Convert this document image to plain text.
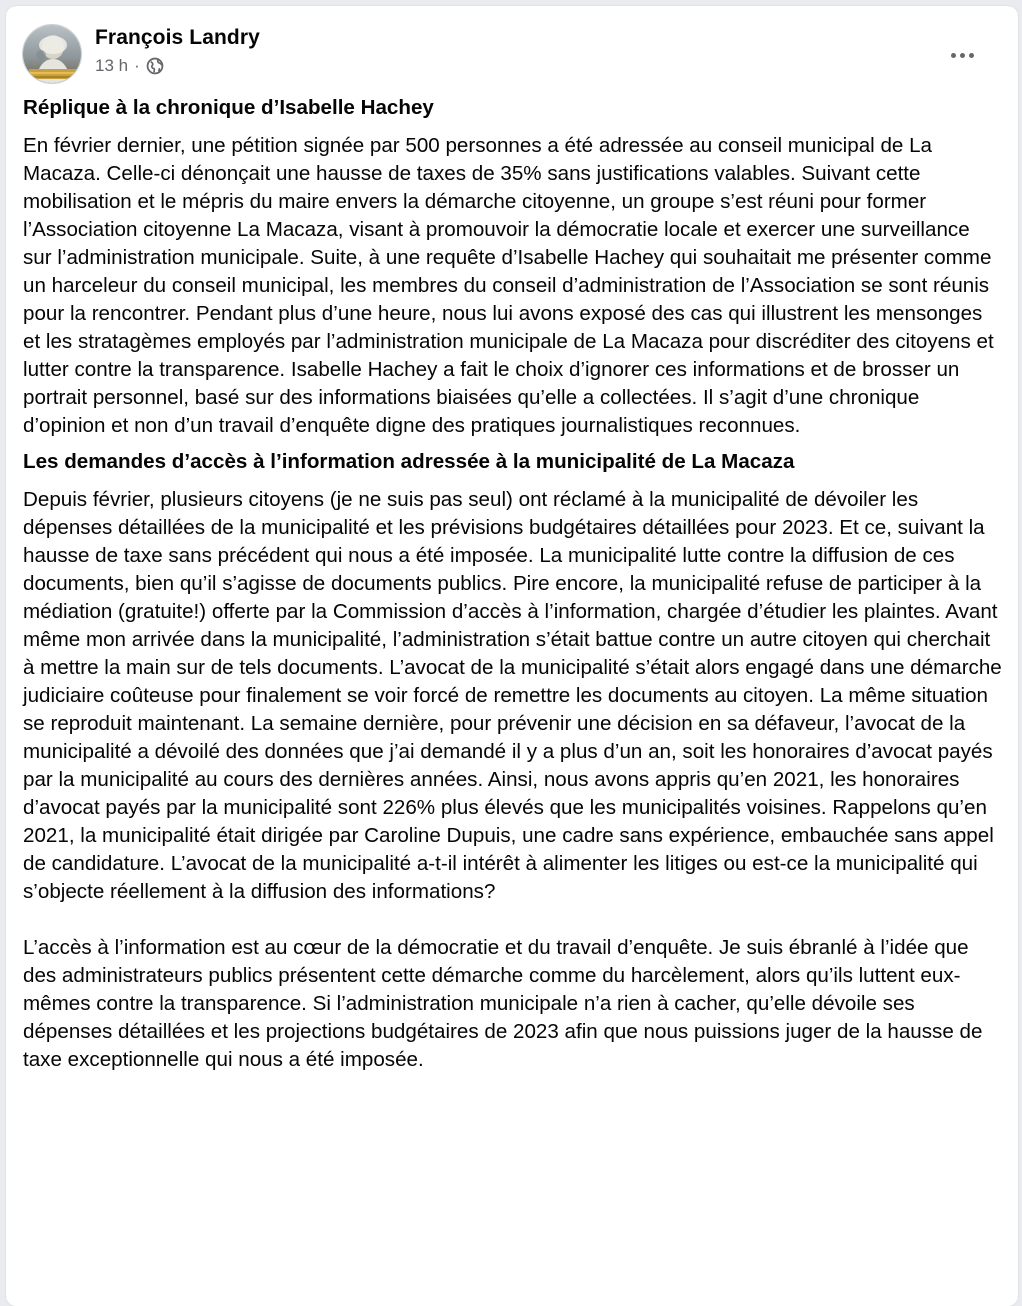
François Landry
13 h ·
Réplique à la chronique d’Isabelle Hachey
En février dernier, une pétition signée par 500 personnes a été adressée au conseil municipal de La Macaza. Celle-ci dénonçait une hausse de taxes de 35% sans justifications valables. Suivant cette mobilisation et le mépris du maire envers la démarche citoyenne, un groupe s’est réuni pour former l’Association citoyenne La Macaza, visant à promouvoir la démocratie locale et exercer une surveillance sur l’administration municipale. Suite, à une requête d’Isabelle Hachey qui souhaitait me présenter comme un harceleur du conseil municipal, les membres du conseil d’administration de l’Association se sont réunis pour la rencontrer. Pendant plus d’une heure, nous lui avons exposé des cas qui illustrent les mensonges et les stratagèmes employés par l’administration municipale de La Macaza pour discréditer des citoyens et lutter contre la transparence. Isabelle Hachey a fait le choix d’ignorer ces informations et de brosser un portrait personnel, basé sur des informations biaisées qu’elle a collectées. Il s’agit d’une chronique d’opinion et non d’un travail d’enquête digne des pratiques journalistiques reconnues.
Les demandes d’accès à l’information adressée à la municipalité de La Macaza
Depuis février, plusieurs citoyens (je ne suis pas seul) ont réclamé à la municipalité de dévoiler les dépenses détaillées de la municipalité et les prévisions budgétaires détaillées pour 2023. Et ce, suivant la hausse de taxe sans précédent qui nous a été imposée. La municipalité lutte contre la diffusion de ces documents, bien qu’il s’agisse de documents publics. Pire encore, la municipalité refuse de participer à la médiation (gratuite!) offerte par la Commission d’accès à l’information, chargée d’étudier les plaintes. Avant même mon arrivée dans la municipalité, l’administration s’était battue contre un autre citoyen qui cherchait à mettre la main sur de tels documents. L’avocat de la municipalité s’était alors engagé dans une démarche judiciaire coûteuse pour finalement se voir forcé de remettre les documents au citoyen. La même situation se reproduit maintenant. La semaine dernière, pour prévenir une décision en sa défaveur, l’avocat de la municipalité a dévoilé des données que j’ai demandé il y a plus d’un an, soit les honoraires d’avocat payés par la municipalité au cours des dernières années. Ainsi, nous avons appris qu’en 2021, les honoraires d’avocat payés par la municipalité sont 226% plus élevés que les municipalités voisines. Rappelons qu’en 2021, la municipalité était dirigée par Caroline Dupuis, une cadre sans expérience, embauchée sans appel de candidature. L’avocat de la municipalité a-t-il intérêt à alimenter les litiges ou est-ce la municipalité qui s’objecte réellement à la diffusion des informations?
L’accès à l’information est au cœur de la démocratie et du travail d’enquête. Je suis ébranlé à l’idée que des administrateurs publics présentent cette démarche comme du harcèlement, alors qu’ils luttent eux-mêmes contre la transparence. Si l’administration municipale n’a rien à cacher, qu’elle dévoile ses dépenses détaillées et les projections budgétaires de 2023 afin que nous puissions juger de la hausse de taxe exceptionnelle qui nous a été imposée.
